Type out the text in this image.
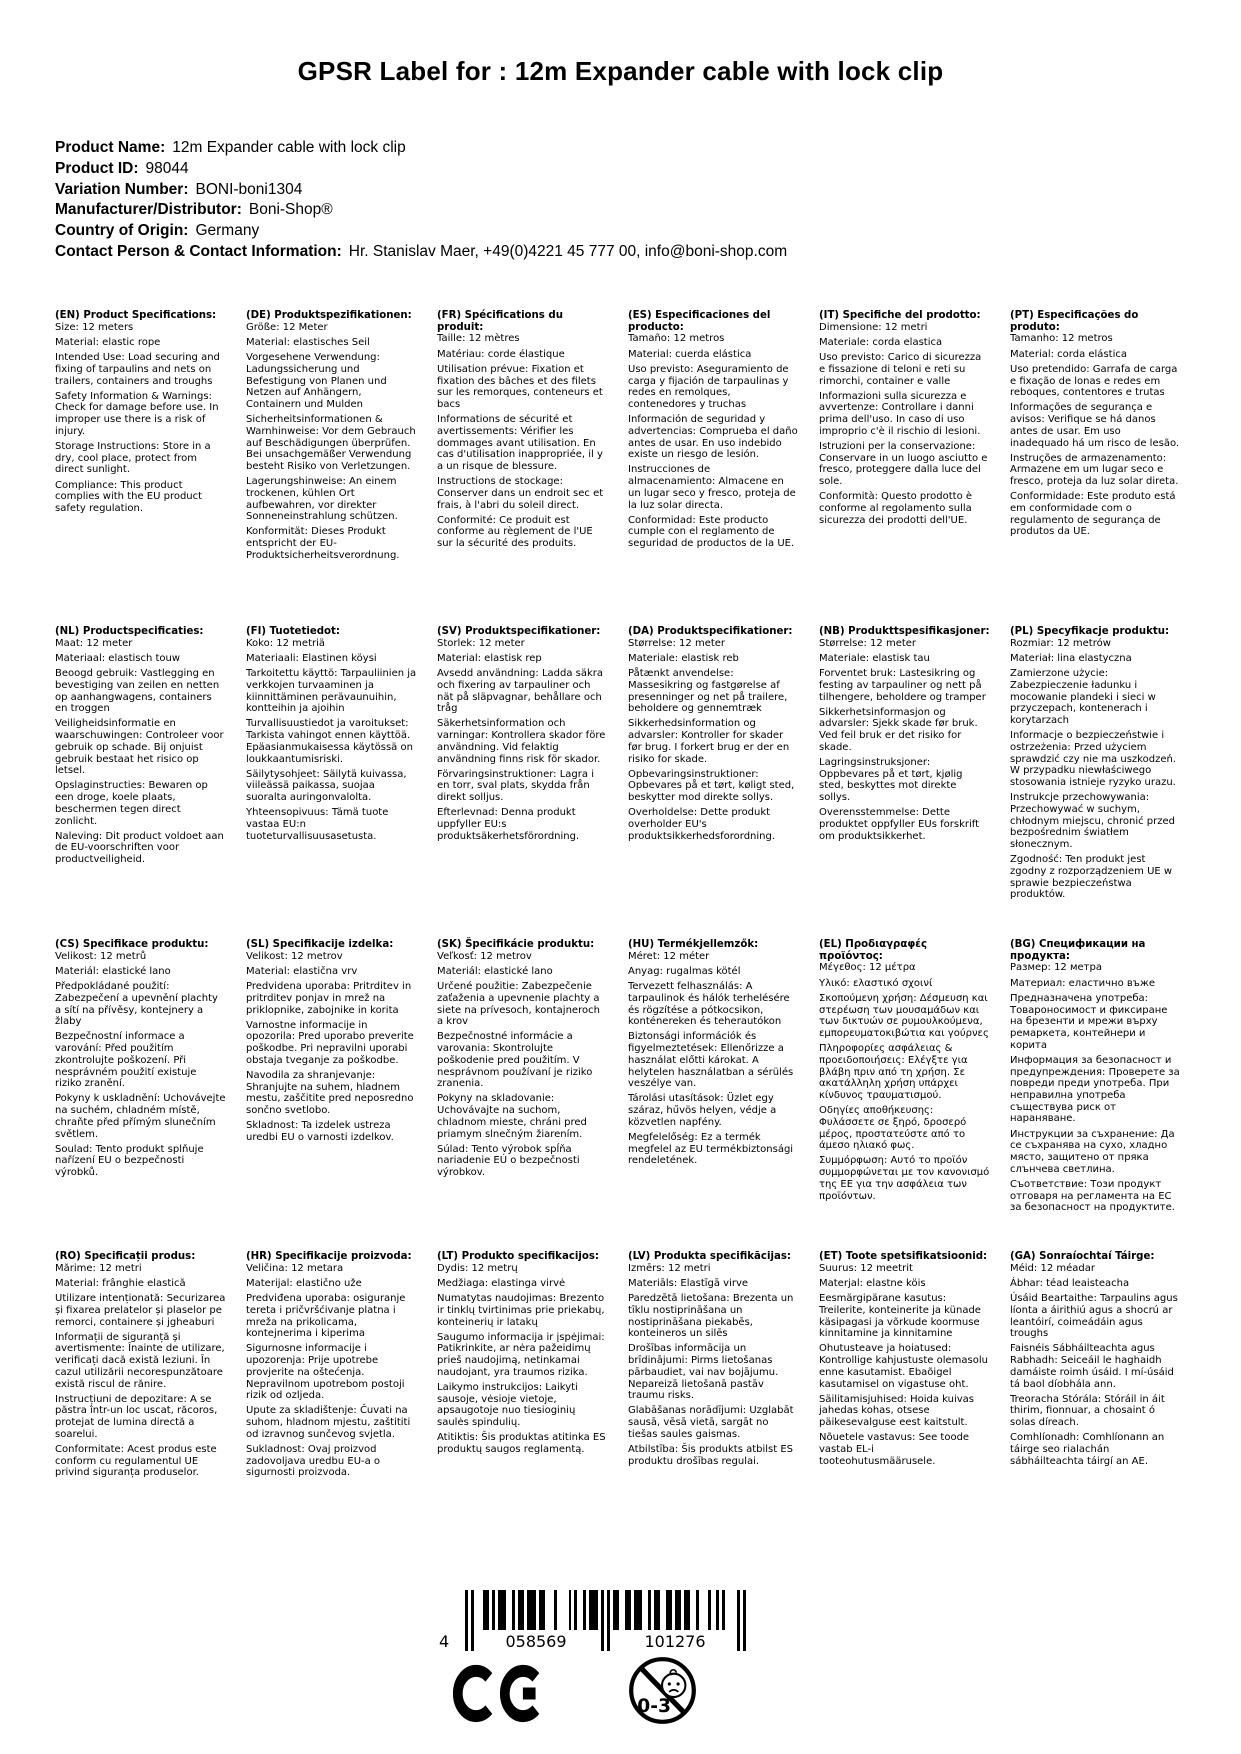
GPSR Label for : 12m Expander cable with lock clip
Product Name: 12m Expander cable with lock clip
Product ID: 98044
Variation Number: BONI-boni1304
Manufacturer/Distributor: Boni-Shop®
Country of Origin: Germany
Contact Person & Contact Information: Hr. Stanislav Maer, +49(0)4221 45 777 00, info@boni-shop.com
(EN) Product Specifications:

Size: 12 meters

Material: elastic rope

Intended Use: Load securing and fixing of tarpaulins and nets on trailers, containers and troughs

Safety Information & Warnings: Check for damage before use. In improper use there is a risk of injury.

Storage Instructions: Store in a dry, cool place, protect from direct sunlight.

Compliance: This product complies with the EU product safety regulation.

(DE) Produktspezifikationen:

Größe: 12 Meter

Material: elastisches Seil

Vorgesehene Verwendung: Ladungssicherung und Befestigung von Planen und Netzen auf Anhängern, Containern und Mulden

Sicherheitsinformationen & Warnhinweise: Vor dem Gebrauch auf Beschädigungen überprüfen. Bei unsachgemäßer Verwendung besteht Risiko von Verletzungen.

Lagerungshinweise: An einem trockenen, kühlen Ort aufbewahren, vor direkter Sonneneinstrahlung schützen.

Konformität: Dieses Produkt entspricht der EU-Produktsicherheitsverordnung.

(FR) Spécifications du produit:

Taille: 12 mètres

Matériau: corde élastique

Utilisation prévue: Fixation et fixation des bâches et des filets sur les remorques, conteneurs et bacs

Informations de sécurité et avertissements: Vérifier les dommages avant utilisation. En cas d'utilisation inappropriée, il y a un risque de blessure.

Instructions de stockage: Conserver dans un endroit sec et frais, à l'abri du soleil direct.

Conformité: Ce produit est conforme au règlement de l'UE sur la sécurité des produits.

(ES) Especificaciones del producto:

Tamaño: 12 metros

Material: cuerda elástica

Uso previsto: Aseguramiento de carga y fijación de tarpaulinas y redes en remolques, contenedores y truchas

Información de seguridad y advertencias: Comprueba el daño antes de usar. En uso indebido existe un riesgo de lesión.

Instrucciones de almacenamiento: Almacene en un lugar seco y fresco, proteja de la luz solar directa.

Conformidad: Este producto cumple con el reglamento de seguridad de productos de la UE.

(IT) Specifiche del prodotto:

Dimensione: 12 metri

Materiale: corda elastica

Uso previsto: Carico di sicurezza e fissazione di teloni e reti su rimorchi, container e valle

Informazioni sulla sicurezza e avvertenze: Controllare i danni prima dell'uso. In caso di uso improprio c'è il rischio di lesioni.

Istruzioni per la conservazione: Conservare in un luogo asciutto e fresco, proteggere dalla luce del sole.

Conformità: Questo prodotto è conforme al regolamento sulla sicurezza dei prodotti dell'UE.

(PT) Especificações do produto:

Tamanho: 12 metros

Material: corda elástica

Uso pretendido: Garrafa de carga e fixação de lonas e redes em reboques, contentores e trutas

Informações de segurança e avisos: Verifique se há danos antes de usar. Em uso inadequado há um risco de lesão.

Instruções de armazenamento: Armazene em um lugar seco e fresco, proteja da luz solar direta.

Conformidade: Este produto está em conformidade com o regulamento de segurança de produtos da UE.

(NL) Productspecificaties:

Maat: 12 meter

Materiaal: elastisch touw

Beoogd gebruik: Vastlegging en bevestiging van zeilen en netten op aanhangwagens, containers en troggen

Veiligheidsinformatie en waarschuwingen: Controleer voor gebruik op schade. Bij onjuist gebruik bestaat het risico op letsel.

Opslaginstructies: Bewaren op een droge, koele plaats, beschermen tegen direct zonlicht.

Naleving: Dit product voldoet aan de EU-voorschriften voor productveiligheid.

(FI) Tuotetiedot:

Koko: 12 metriä

Materiaali: Elastinen köysi

Tarkoitettu käyttö: Tarpauliinien ja verkkojen turvaaminen ja kiinnittäminen perävaunuihin, kontteihin ja ajoihin

Turvallisuustiedot ja varoitukset: Tarkista vahingot ennen käyttöä. Epäasianmukaisessa käytössä on loukkaantumisriski.

Säilytysohjeet: Säilytä kuivassa, viileässä paikassa, suojaa suoralta auringonvalolta.

Yhteensopivuus: Tämä tuote vastaa EU:n tuoteturvallisuusasetusta.

(SV) Produktspecifikationer:

Storlek: 12 meter

Material: elastisk rep

Avsedd användning: Ladda säkra och fixering av tarpauliner och nät på släpvagnar, behållare och tråg

Säkerhetsinformation och varningar: Kontrollera skador före användning. Vid felaktig användning finns risk för skador.

Förvaringsinstruktioner: Lagra i en torr, sval plats, skydda från direkt solljus.

Efterlevnad: Denna produkt uppfyller EU:s produktsäkerhetsförordning.

(DA) Produktspecifikationer:

Størrelse: 12 meter

Materiale: elastisk reb

Påtænkt anvendelse: Massesikring og fastgørelse af presenninger og net på trailere, beholdere og gennemtræk

Sikkerhedsinformation og advarsler: Kontroller for skader før brug. I forkert brug er der en risiko for skade.

Opbevaringsinstruktioner: Opbevares på et tørt, køligt sted, beskytter mod direkte sollys.

Overholdelse: Dette produkt overholder EU's produktsikkerhedsforordning.

(NB) Produkttspesifikasjoner:

Størrelse: 12 meter

Materiale: elastisk tau

Forventet bruk: Lastesikring og festing av tarpauliner og nett på tilhengere, beholdere og tramper

Sikkerhetsinformasjon og advarsler: Sjekk skade før bruk. Ved feil bruk er det risiko for skade.

Lagringsinstruksjoner: Oppbevares på et tørt, kjølig sted, beskyttes mot direkte sollys.

Overensstemmelse: Dette produktet oppfyller EUs forskrift om produktsikkerhet.

(PL) Specyfikacje produktu:

Rozmiar: 12 metrów

Materiał: lina elastyczna

Zamierzone użycie: Zabezpieczenie ładunku i mocowanie plandeki i sieci w przyczepach, kontenerach i korytarzach

Informacje o bezpieczeństwie i ostrzeżenia: Przed użyciem sprawdzić czy nie ma uszkodzeń. W przypadku niewłaściwego stosowania istnieje ryzyko urazu.

Instrukcje przechowywania: Przechowywać w suchym, chłodnym miejscu, chronić przed bezpośrednim światłem słonecznym.

Zgodność: Ten produkt jest zgodny z rozporządzeniem UE w sprawie bezpieczeństwa produktów.

(CS) Specifikace produktu:

Velikost: 12 metrů

Materiál: elastické lano

Předpokládané použití: Zabezpečení a upevnění plachty a sítí na přívěsy, kontejnery a žlaby

Bezpečnostní informace a varování: Před použitím zkontrolujte poškození. Při nesprávném použití existuje riziko zranění.

Pokyny k uskladnění: Uchovávejte na suchém, chladném místě, chraňte před přímým slunečním světlem.

Soulad: Tento produkt splňuje nařízení EU o bezpečnosti výrobků.

(SL) Specifikacije izdelka:

Velikost: 12 metrov

Material: elastična vrv

Predvidena uporaba: Pritrditev in pritrditev ponjav in mrež na priklopnike, zabojnike in korita

Varnostne informacije in opozorila: Pred uporabo preverite poškodbe. Pri nepravilni uporabi obstaja tveganje za poškodbe.

Navodila za shranjevanje: Shranjujte na suhem, hladnem mestu, zaščitite pred neposredno sončno svetlobo.

Skladnost: Ta izdelek ustreza uredbi EU o varnosti izdelkov.

(SK) Špecifikácie produktu:

Veľkosť: 12 metrov

Materiál: elastické lano

Určené použitie: Zabezpečenie zaťaženia a upevnenie plachty a siete na prívesoch, kontajneroch a krov

Bezpečnostné informácie a varovania: Skontrolujte poškodenie pred použitím. V nesprávnom používaní je riziko zranenia.

Pokyny na skladovanie: Uchovávajte na suchom, chladnom mieste, chráni pred priamym slnečným žiarením.

Súlad: Tento výrobok spĺňa nariadenie EÚ o bezpečnosti výrobkov.

(HU) Termékjellemzők:

Méret: 12 méter

Anyag: rugalmas kötél

Tervezett felhasználás: A tarpaulinok és hálók terhelésére és rögzítése a pótkocsikon, konténereken és teherautókon

Biztonsági információk és figyelmeztetések: Ellenőrizze a használat előtti károkat. A helytelen használatban a sérülés veszélye van.

Tárolási utasítások: Üzlet egy száraz, hűvös helyen, védje a közvetlen napfény.

Megfelelőség: Ez a termék megfelel az EU termékbiztonsági rendeletének.

(EL) Προδιαγραφές προϊόντος:

Μέγεθος: 12 μέτρα

Υλικό: ελαστικό σχοινί

Σκοπούμενη χρήση: Δέσμευση και στερέωση των μουσαμάδων και των δικτυών σε ρυμουλκούμενα, εμπορευματοκιβώτια και γούρνες

Πληροφορίες ασφάλειας & προειδοποιήσεις: Ελέγξτε για βλάβη πριν από τη χρήση. Σε ακατάλληλη χρήση υπάρχει κίνδυνος τραυματισμού.

Οδηγίες αποθήκευσης: Φυλάσσετε σε ξηρό, δροσερό μέρος, προστατεύστε από το άμεσο ηλιακό φως.

Συμμόρφωση: Αυτό το προϊόν συμμορφώνεται με τον κανονισμό της ΕΕ για την ασφάλεια των προϊόντων.

(BG) Спецификации на продукта:

Размер: 12 метра

Материал: еластично въже

Предназначена употреба: Товароносимост и фиксиране на брезенти и мрежи върху ремаркета, контейнери и корита

Информация за безопасност и предупреждения: Проверете за повреди преди употреба. При неправилна употреба съществува риск от нараняване.

Инструкции за съхранение: Да се съхранява на сухо, хладно място, защитено от пряка слънчева светлина.

Съответствие: Този продукт отговаря на регламента на ЕС за безопасност на продуктите.

(RO) Specificații produs:

Mărime: 12 metri

Material: frânghie elastică

Utilizare intenționată: Securizarea și fixarea prelatelor și plaselor pe remorci, containere și jgheaburi

Informații de siguranță și avertismente: Înainte de utilizare, verificați dacă există leziuni. În cazul utilizării necorespunzătoare există riscul de rănire.

Instrucțiuni de depozitare: A se păstra într-un loc uscat, răcoros, protejat de lumina directă a soarelui.

Conformitate: Acest produs este conform cu regulamentul UE privind siguranța produselor.

(HR) Specifikacije proizvoda:

Veličina: 12 metara

Materijal: elastično uže

Predviđena uporaba: osiguranje tereta i pričvršćivanje platna i mreža na prikolicama, kontejnerima i kiperima

Sigurnosne informacije i upozorenja: Prije upotrebe provjerite na oštećenja. Nepravilnom upotrebom postoji rizik od ozljeda.

Upute za skladištenje: Čuvati na suhom, hladnom mjestu, zaštititi od izravnog sunčevog svjetla.

Sukladnost: Ovaj proizvod zadovoljava uredbu EU-a o sigurnosti proizvoda.

(LT) Produkto specifikacijos:

Dydis: 12 metrų

Medžiaga: elastinga virvė

Numatytas naudojimas: Brezento ir tinklų tvirtinimas prie priekabų, konteinerių ir latakų

Saugumo informacija ir įspėjimai: Patikrinkite, ar nėra pažeidimų prieš naudojimą, netinkamai naudojant, yra traumos rizika.

Laikymo instrukcijos: Laikyti sausoje, vėsioje vietoje, apsaugotoje nuo tiesioginių saulės spindulių.

Atitiktis: Šis produktas atitinka ES produktų saugos reglamentą.

(LV) Produkta specifikācijas:

Izmērs: 12 metri

Materiāls: Elastīgā virve

Paredzētā lietošana: Brezenta un tīklu nostiprināšana un nostiprināšana piekabēs, konteineros un silēs

Drošības informācija un brīdinājumi: Pirms lietošanas pārbaudiet, vai nav bojājumu. Nepareizā lietošanā pastāv traumu risks.

Glabāšanas norādījumi: Uzglabāt sausā, vēsā vietā, sargāt no tiešas saules gaismas.

Atbilstība: Šis produkts atbilst ES produktu drošības regulai.

(ET) Toote spetsifikatsioonid:

Suurus: 12 meetrit

Materjal: elastne köis

Eesmärgipärane kasutus: Treilerite, konteinerite ja künade käsipagasi ja võrkude koormuse kinnitamine ja kinnitamine

Ohutusteave ja hoiatused: Kontrollige kahjustuste olemasolu enne kasutamist. Ebaõigel kasutamisel on vigastuse oht.

Säilitamisjuhised: Hoida kuivas jahedas kohas, otsese päikesevalguse eest kaitstult.

Nõuetele vastavus: See toode vastab EL-i tooteohutusmäärusele.

(GA) Sonraíochtaí Táirge:

Méid: 12 méadar

Ábhar: téad leaisteacha

Úsáid Beartaithe: Tarpaulins agus líonta a áirithiú agus a shocrú ar leantóirí, coimeádáin agus troughs

Faisnéis Sábháilteachta agus Rabhadh: Seiceáil le haghaidh damáiste roimh úsáid. I mí-úsáid tá baol díobhála ann.

Treoracha Stórála: Stóráil in áit thirim, fionnuar, a chosaint ó solas díreach.

Comhlíonadh: Comhlíonann an táirge seo rialachán sábháilteachta táirgí an AE.

4	058569	101276
0-3
